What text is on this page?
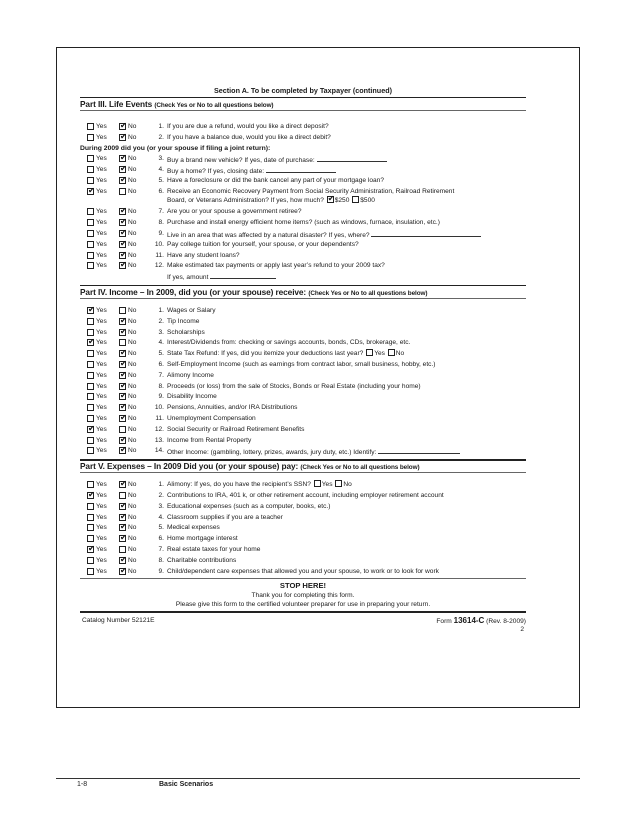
Section A. To be completed by Taxpayer (continued)
Part III. Life Events (Check Yes or No to all questions below)
Yes ✔	No	1. If you are due a refund, would you like a direct deposit?
Yes ✔	No	2. If you have a balance due, would you like a direct debit?
During 2009 did you (or your spouse if filing a joint return):
Yes ✔	No	3. Buy a brand new vehicle? If yes, date of purchase:
Yes ✔	No	4. Buy a home? If yes, closing date:
Yes ✔	No	5. Have a foreclosure or did the bank cancel any part of your mortgage loan?
✔
Yes	No	6. Receive an Economic Recovery Payment from Social Security Administration, Railroad Retirement
Board, or Veterans Administration? If yes, how much? ✔ $250 $500
Yes ✔	No	7. Are you or your spouse a government retiree?
Yes ✔	No	8. Purchase and install energy efficient home items? (such as windows, furnace, insulation, etc.)
Yes ✔	No	9. Live in an area that was affected by a natural disaster? If yes, where?
Yes ✔	No	10. Pay college tuition for yourself, your spouse, or your dependents?
Yes ✔	No	11. Have any student loans?
Yes ✔	No	12. Make estimated tax payments or apply last year’s refund to your 2009 tax?
If yes, amount
Part IV. Income – In 2009, did you (or your spouse) receive: (Check Yes or No to all questions below)
✔
Yes	No	1. Wages or Salary
Yes ✔	No	2. Tip Income
Yes ✔	No	3. Scholarships
✔
Yes	No	4. Interest/Dividends from: checking or savings accounts, bonds, CDs, brokerage, etc.
Yes ✔	No	5. State Tax Refund: If yes, did you itemize your deductions last year? Yes No
Yes ✔	No	6. Self-Employment Income (such as earnings from contract labor, small business, hobby, etc.)
Yes ✔	No	7. Alimony Income
Yes ✔	No	8. Proceeds (or loss) from the sale of Stocks, Bonds or Real Estate (including your home)
Yes ✔	No	9. Disability Income
Yes ✔	No	10. Pensions, Annuities, and/or IRA Distributions
Yes ✔	No	11. Unemployment Compensation
✔
Yes	No	12. Social Security or Railroad Retirement Benefits
Yes ✔	No	13. Income from Rental Property
Yes ✔	No	14. Other Income: (gambling, lottery, prizes, awards, jury duty, etc.) Identify:
Part V. Expenses – In 2009 Did you (or your spouse) pay: (Check Yes or No to all questions below)
Yes ✔	No	1. Alimony: If yes, do you have the recipient’s SSN? Yes No
✔
Yes	No	2. Contributions to IRA, 401 k, or other retirement account, including employer retirement account
Yes ✔	No	3. Educational expenses (such as a computer, books, etc.)
Yes ✔	No	4. Classroom supplies if you are a teacher
Yes ✔	No	5. Medical expenses
Yes ✔	No	6. Home mortgage interest
✔
Yes	No	7. Real estate taxes for your home
Yes ✔	No	8. Charitable contributions
Yes ✔	No	9. Child/dependent care expenses that allowed you and your spouse, to work or to look for work
STOP HERE!
Thank you for completing this form.
Please give this form to the certified volunteer preparer for use in preparing your return.
Catalog Number 52121E	Form 13614-C (Rev. 8-2009)
2
1-8	Basic Scenarios
